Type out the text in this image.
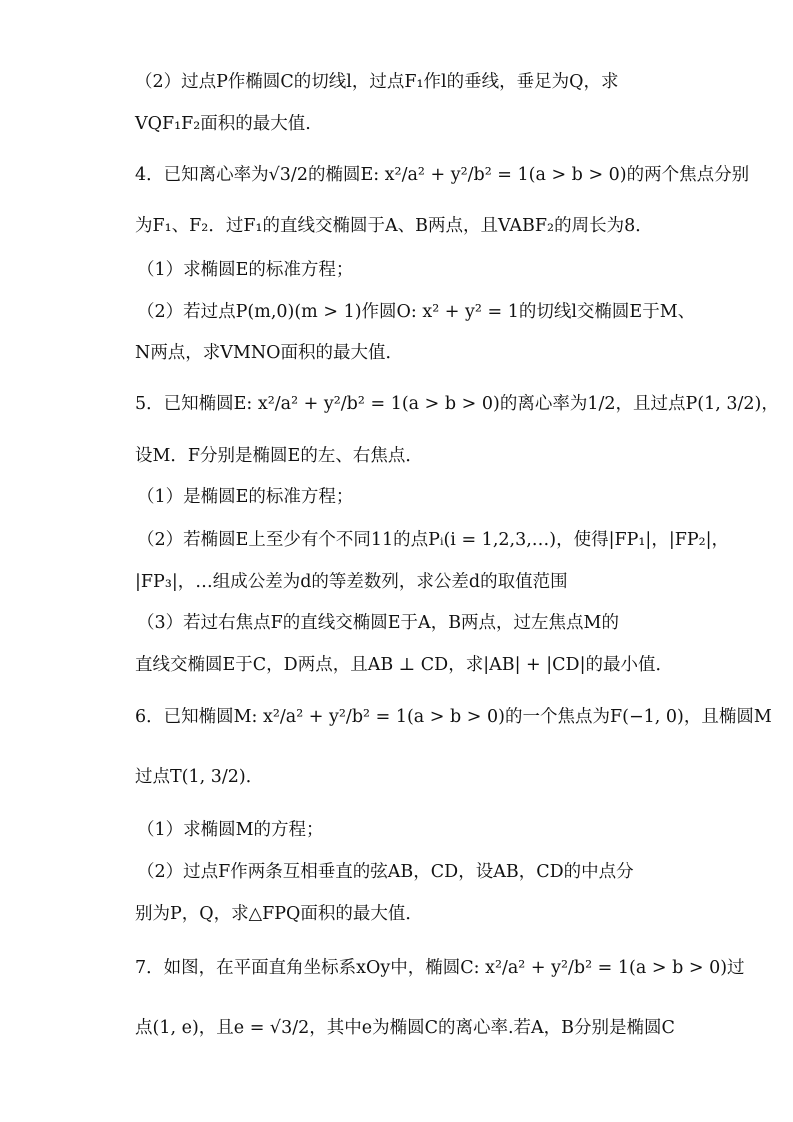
（2）过点P作椭圆C的切线l，过点F₁作l的垂线，垂足为Q，求
VQF₁F₂面积的最大值.
4．已知离心率为√3/2的椭圆E: x²/a² + y²/b² = 1(a > b > 0)的两个焦点分别
为F₁、F₂．过F₁的直线交椭圆于A、B两点，且VABF₂的周长为8．
（1）求椭圆E的标准方程；
（2）若过点P(m,0)(m > 1)作圆O: x² + y² = 1的切线l交椭圆E于M、
N两点，求VMNO面积的最大值．
5．已知椭圆E: x²/a² + y²/b² = 1(a > b > 0)的离心率为1/2，且过点P(1, 3/2)，
设M．F分别是椭圆E的左、右焦点．
（1）是椭圆E的标准方程；
（2）若椭圆E上至少有个不同11的点Pᵢ(i = 1,2,3,…)，使得|FP₁|，|FP₂|，
|FP₃|，…组成公差为d的等差数列，求公差d的取值范围
（3）若过右焦点F的直线交椭圆E于A，B两点，过左焦点M的
直线交椭圆E于C，D两点，且AB ⊥ CD，求|AB| + |CD|的最小值．
6．已知椭圆M: x²/a² + y²/b² = 1(a > b > 0)的一个焦点为F(−1, 0)，且椭圆M
过点T(1, 3/2)．
（1）求椭圆M的方程；
（2）过点F作两条互相垂直的弦AB，CD，设AB，CD的中点分
别为P，Q，求△FPQ面积的最大值．
7．如图，在平面直角坐标系xOy中，椭圆C: x²/a² + y²/b² = 1(a > b > 0)过
点(1, e)，且e = √3/2，其中e为椭圆C的离心率.若A，B分别是椭圆C
